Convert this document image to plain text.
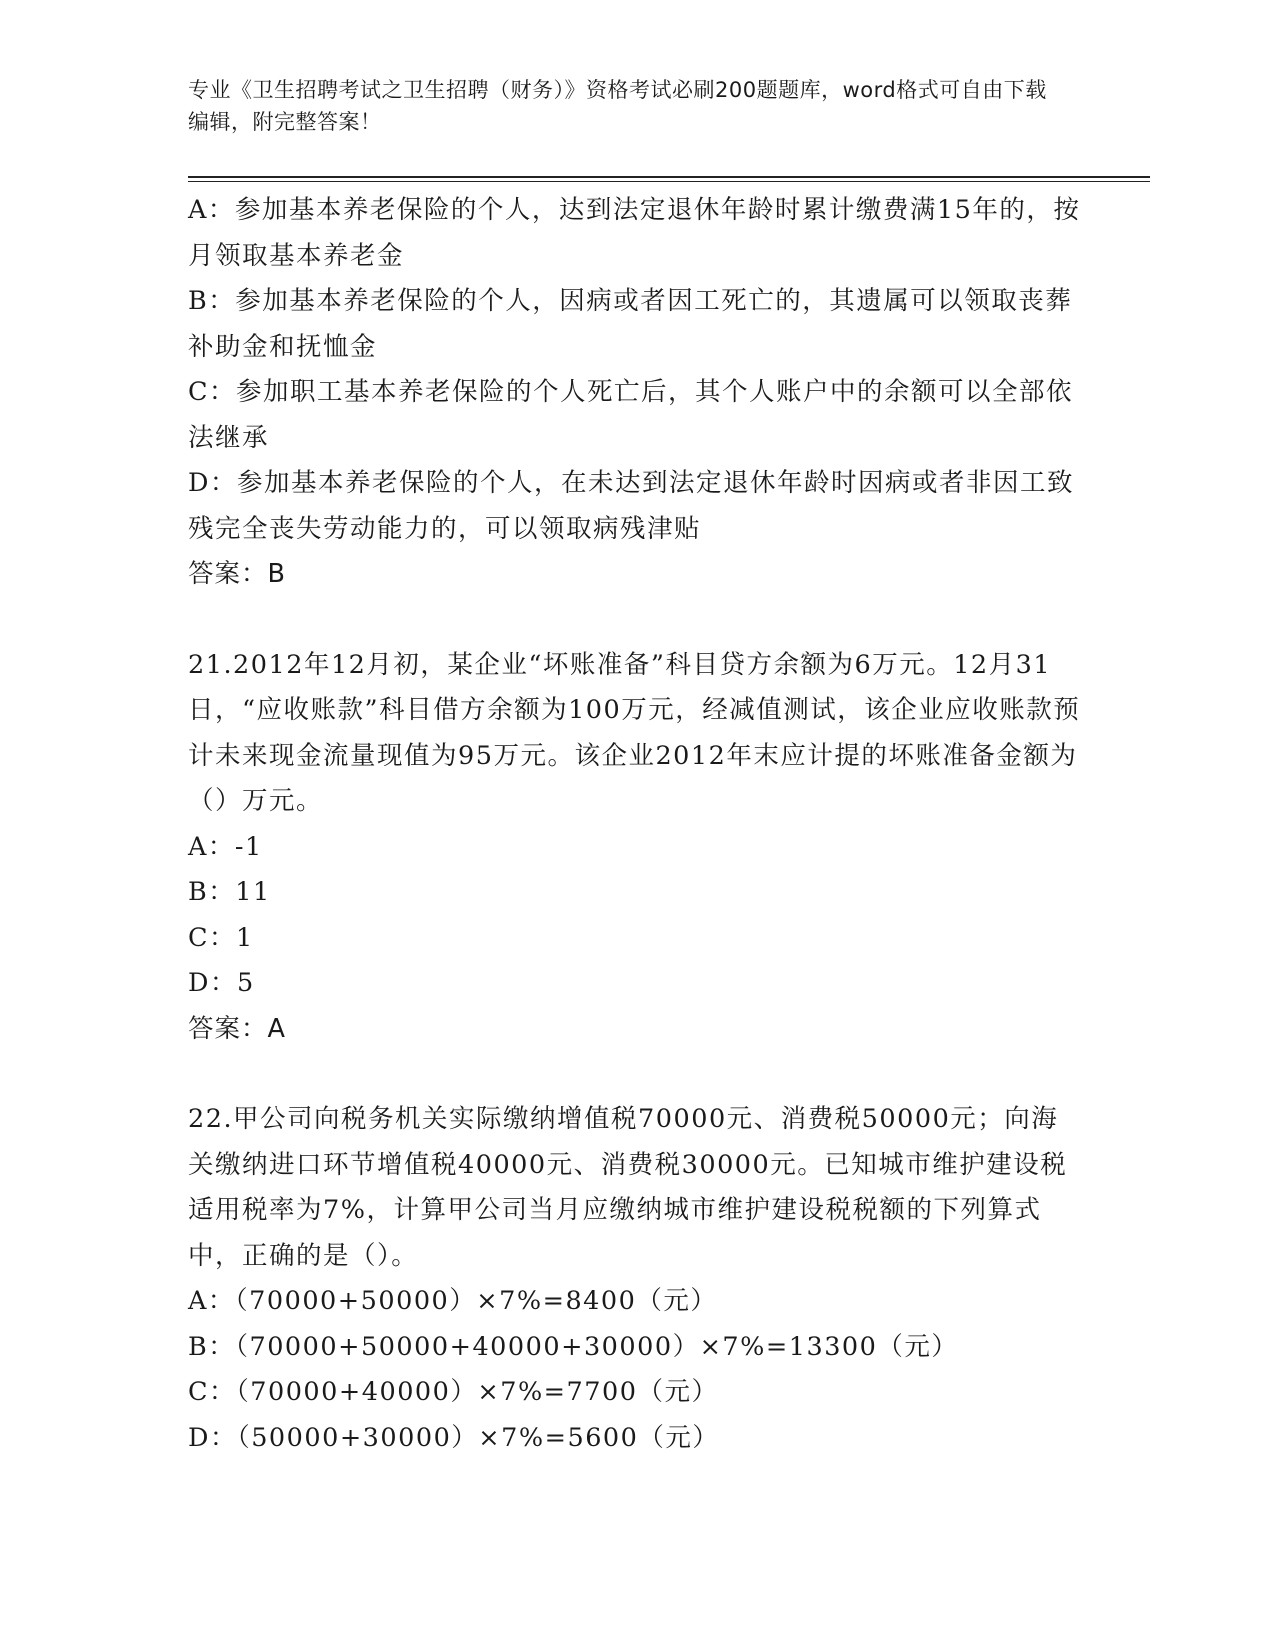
专业《卫生招聘考试之卫生招聘（财务）》资格考试必刷200题题库，word格式可自由下载编辑，附完整答案！

A：参加基本养老保险的个人，达到法定退休年龄时累计缴费满15年的，按月领取基本养老金

B：参加基本养老保险的个人，因病或者因工死亡的，其遗属可以领取丧葬补助金和抚恤金

C：参加职工基本养老保险的个人死亡后，其个人账户中的余额可以全部依法继承

D：参加基本养老保险的个人，在未达到法定退休年龄时因病或者非因工致残完全丧失劳动能力的，可以领取病残津贴

答案：B

21.2012年12月初，某企业“坏账准备”科目贷方余额为6万元。12月31日，“应收账款”科目借方余额为100万元，经减值测试，该企业应收账款预计未来现金流量现值为95万元。该企业2012年末应计提的坏账准备金额为（）万元。

A：-1

B：11

C：1

D：5

答案：A

22.甲公司向税务机关实际缴纳增值税70000元、消费税50000元；向海关缴纳进口环节增值税40000元、消费税30000元。已知城市维护建设税适用税率为7%，计算甲公司当月应缴纳城市维护建设税税额的下列算式中，正确的是（）。

A：（70000+50000）×7%=8400（元）

B：（70000+50000+40000+30000）×7%=13300（元）

C：（70000+40000）×7%=7700（元）

D：（50000+30000）×7%=5600（元）
